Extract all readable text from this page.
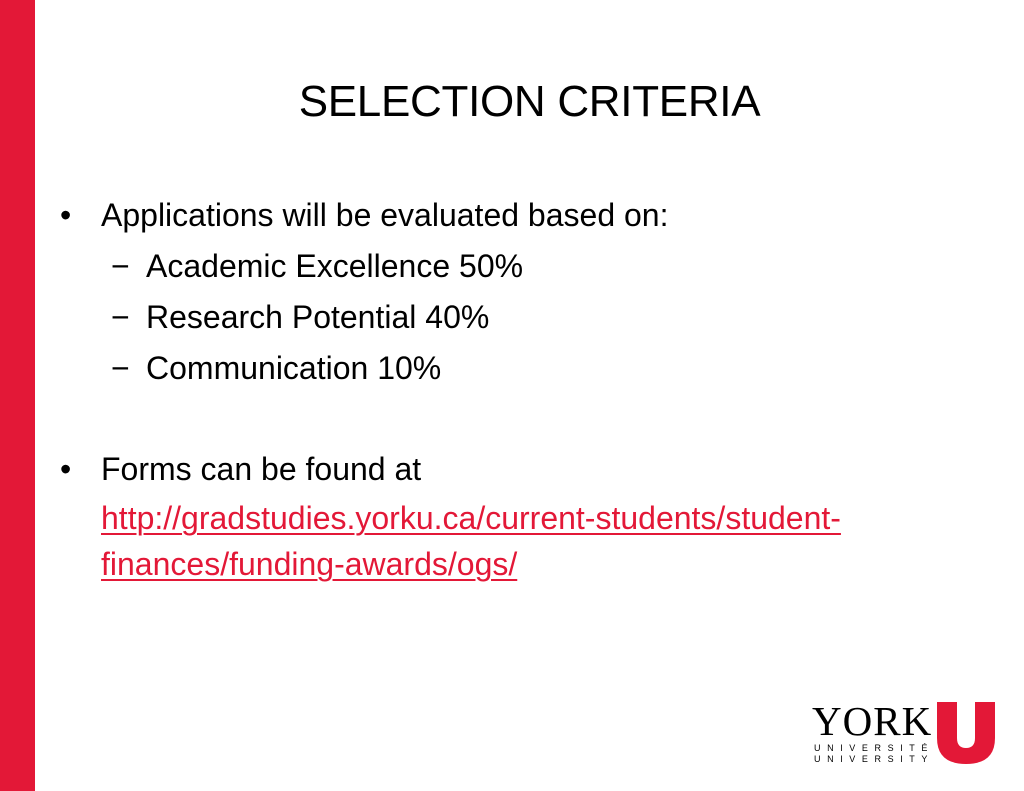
SELECTION CRITERIA
• Applications will be evaluated based on:
− Academic Excellence 50%
− Research Potential 40%
− Communication 10%
• Forms can be found at
http://gradstudies.yorku.ca/current-students/student-
finances/funding-awards/ogs/
YORK
UNIVERSITÉ
UNIVERSITY
